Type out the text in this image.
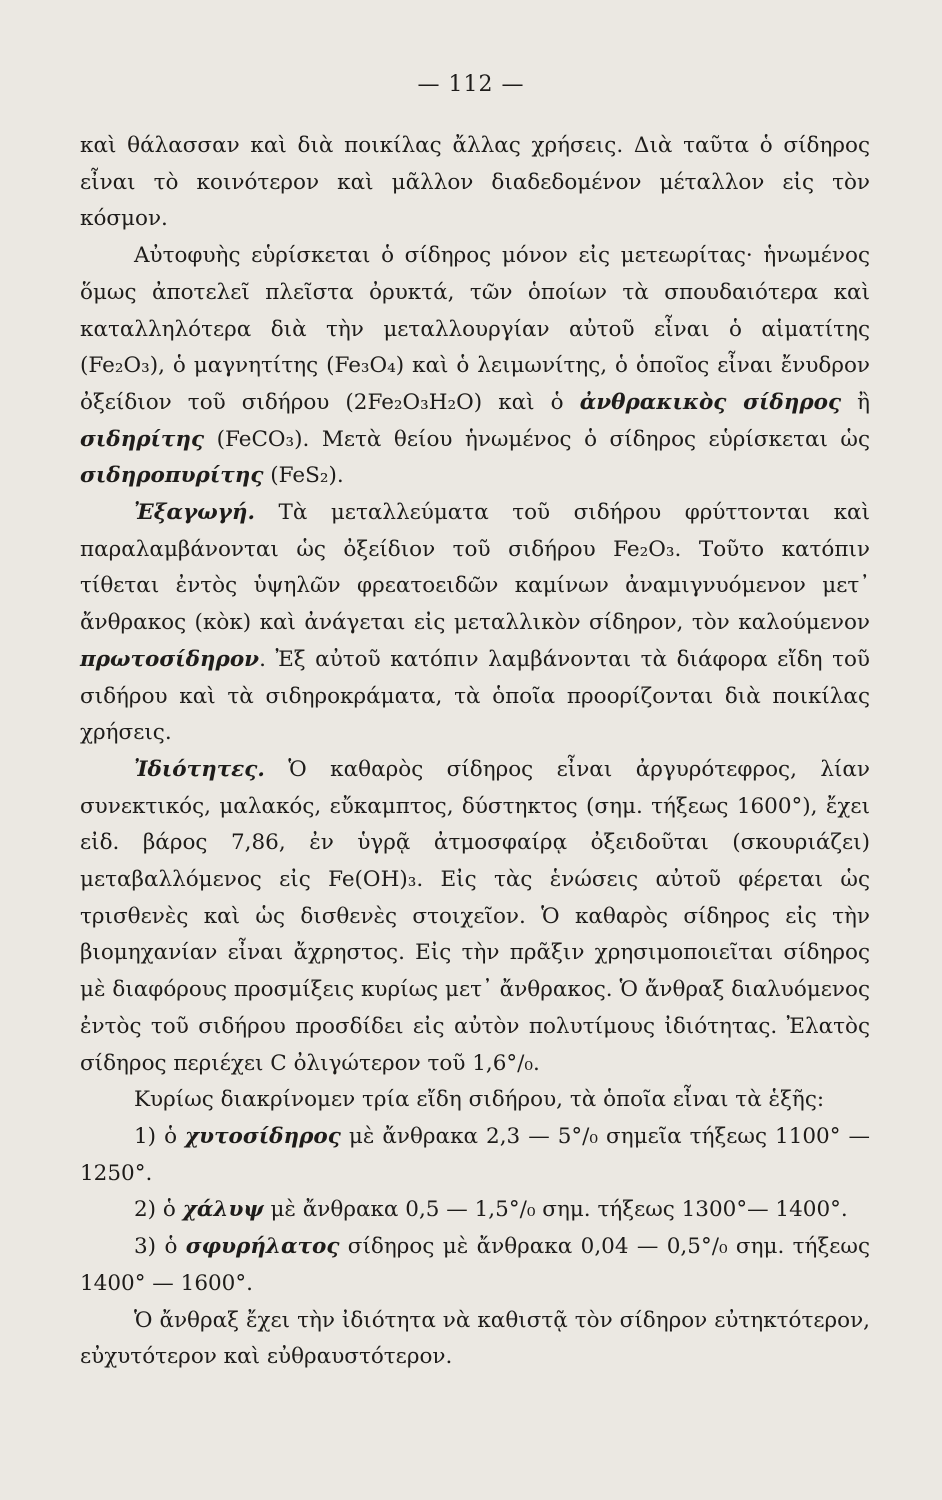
— 112 —

καὶ θάλασσαν καὶ διὰ ποικίλας ἄλλας χρήσεις. Διὰ ταῦτα ὁ σίδηρος εἶναι τὸ κοινότερον καὶ μᾶλλον διαδεδομένον μέταλλον εἰς τὸν κόσμον.

Αὐτοφυὴς εὑρίσκεται ὁ σίδηρος μόνον εἰς μετεωρίτας· ἡνωμένος ὅμως ἀποτελεῖ πλεῖστα ὀρυκτά, τῶν ὁποίων τὰ σπουδαιότερα καὶ καταλληλότερα διὰ τὴν μεταλλουργίαν αὐτοῦ εἶναι ὁ αἱματίτης (Fe₂O₃), ὁ μαγνητίτης (Fe₃O₄) καὶ ὁ λειμωνίτης, ὁ ὁποῖος εἶναι ἔνυδρον ὀξείδιον τοῦ σιδήρου (2Fe₂O₃H₂O) καὶ ὁ ἀνθρακικὸς σίδηρος ἢ σιδηρίτης (FeCO₃). Μετὰ θείου ἡνωμένος ὁ σίδηρος εὑρίσκεται ὡς σιδηροπυρίτης (FeS₂).

Ἐξαγωγή. Τὰ μεταλλεύματα τοῦ σιδήρου φρύττονται καὶ παραλαμβάνονται ὡς ὀξείδιον τοῦ σιδήρου Fe₂O₃. Τοῦτο κατόπιν τίθεται ἐντὸς ὑψηλῶν φρεατοειδῶν καμίνων ἀναμιγνυόμενον μετ᾽ ἄνθρακος (κὸκ) καὶ ἀνάγεται εἰς μεταλλικὸν σίδηρον, τὸν καλούμενον πρωτοσίδηρον. Ἐξ αὐτοῦ κατόπιν λαμβάνονται τὰ διάφορα εἴδη τοῦ σιδήρου καὶ τὰ σιδηροκράματα, τὰ ὁποῖα προορίζονται διὰ ποικίλας χρήσεις.

Ἰδιότητες. Ὁ καθαρὸς σίδηρος εἶναι ἀργυρότεφρος, λίαν συνεκτικός, μαλακός, εὔκαμπτος, δύστηκτος (σημ. τήξεως 1600°), ἔχει εἰδ. βάρος 7,86, ἐν ὑγρᾷ ἀτμοσφαίρᾳ ὀξειδοῦται (σκουριάζει) μεταβαλλόμενος εἰς Fe(OH)₃. Εἰς τὰς ἑνώσεις αὐτοῦ φέρεται ὡς τρισθενὲς καὶ ὡς δισθενὲς στοιχεῖον. Ὁ καθαρὸς σίδηρος εἰς τὴν βιομηχανίαν εἶναι ἄχρηστος. Εἰς τὴν πρᾶξιν χρησιμοποιεῖται σίδηρος μὲ διαφόρους προσμίξεις κυρίως μετ᾽ ἄνθρακος. Ὁ ἄνθραξ διαλυόμενος ἐντὸς τοῦ σιδήρου προσδίδει εἰς αὐτὸν πολυτίμους ἰδιότητας. Ἐλατὸς σίδηρος περιέχει C ὀλιγώτερον τοῦ 1,6°/₀.

Κυρίως διακρίνομεν τρία εἴδη σιδήρου, τὰ ὁποῖα εἶναι τὰ ἑξῆς:

1) ὁ χυτοσίδηρος μὲ ἄνθρακα 2,3 — 5°/₀ σημεῖα τήξεως 1100° — 1250°.

2) ὁ χάλυψ μὲ ἄνθρακα 0,5 — 1,5°/₀ σημ. τήξεως 1300°— 1400°.

3) ὁ σφυρήλατος σίδηρος μὲ ἄνθρακα 0,04 — 0,5°/₀ σημ. τήξεως 1400° — 1600°.

Ὁ ἄνθραξ ἔχει τὴν ἰδιότητα νὰ καθιστᾷ τὸν σίδηρον εὐτηκτότερον, εὐχυτότερον καὶ εὐθραυστότερον.
